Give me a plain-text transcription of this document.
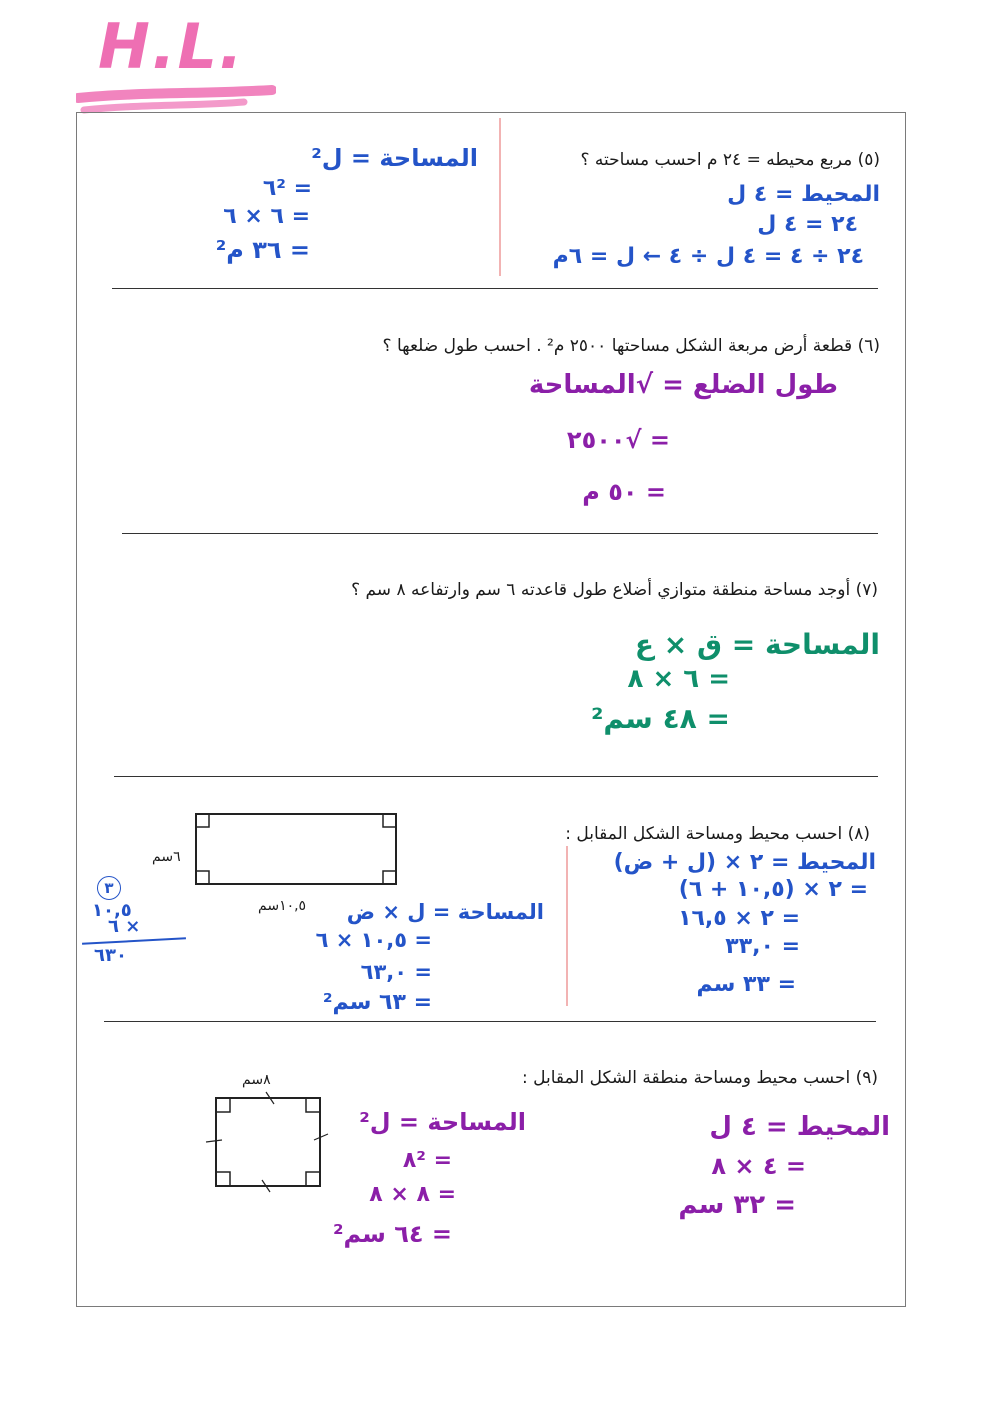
H.L.
(٥) مربع محيطه = ٢٤ م احسب مساحته ؟
المحيط = ٤ ل
٢٤ = ٤ ل
٢٤ ÷ ٤ = ٤ ل ÷ ٤ ← ل = ٦م
المساحة = ل²
= ٦²
= ٦ × ٦
= ٣٦ م²
(٦) قطعة أرض مربعة الشكل مساحتها ٢٥٠٠ م² . احسب طول ضلعها ؟
طول الضلع = √المساحة
= √٢٥٠٠
= ٥٠ م
(٧) أوجد مساحة منطقة متوازي أضلاع طول قاعدته ٦ سم وارتفاعه ٨ سم ؟
المساحة = ق × ع
= ٦ × ٨
= ٤٨ سم²
(٨) احسب محيط ومساحة الشكل المقابل :
٦سم
١٠,٥سم
المحيط = ٢ × (ل + ض)
= ٢ × (١٠,٥ + ٦)
= ٢ × ١٦,٥
= ٣٣,٠
= ٣٣ سم
المساحة = ل × ض
= ١٠,٥ × ٦
= ٦٣,٠
= ٦٣ سم²
٣
١٠,٥
٦ ×
٦٣٠
(٩) احسب محيط ومساحة منطقة الشكل المقابل :
٨سم
المحيط = ٤ ل
= ٤ × ٨
= ٣٢ سم
المساحة = ل²
= ٨²
= ٨ × ٨
= ٦٤ سم²
